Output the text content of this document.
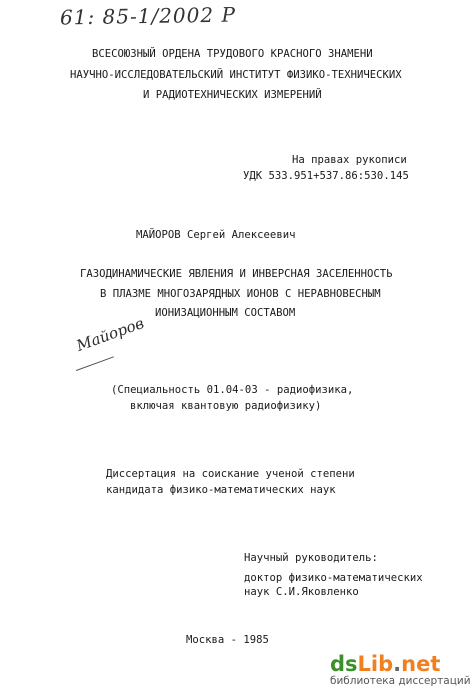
61: 85-1/2002 Р
ВСЕСОЮЗНЫЙ ОРДЕНА ТРУДОВОГО КРАСНОГО ЗНАМЕНИ
НАУЧНО-ИССЛЕДОВАТЕЛЬСКИЙ ИНСТИТУТ ФИЗИКО-ТЕХНИЧЕСКИХ
И РАДИОТЕХНИЧЕСКИХ ИЗМЕРЕНИЙ
На правах рукописи
УДК 533.951+537.86:530.145
МАЙОРОВ Сергей Алексеевич
ГАЗОДИНАМИЧЕСКИЕ ЯВЛЕНИЯ И ИНВЕРСНАЯ ЗАСЕЛЕННОСТЬ
В ПЛАЗМЕ МНОГОЗАРЯДНЫХ ИОНОВ С НЕРАВНОВЕСНЫМ
ИОНИЗАЦИОННЫМ СОСТАВОМ
Майоров
(Специальность 01.04-03 - радиофизика,
включая квантовую радиофизику)
Диссертация на соискание ученой степени
кандидата физико-математических наук
Научный руководитель:
доктор физико-математических
наук С.И.Яковленко
Москва - 1985
dsLib.net
библиотека диссертаций
